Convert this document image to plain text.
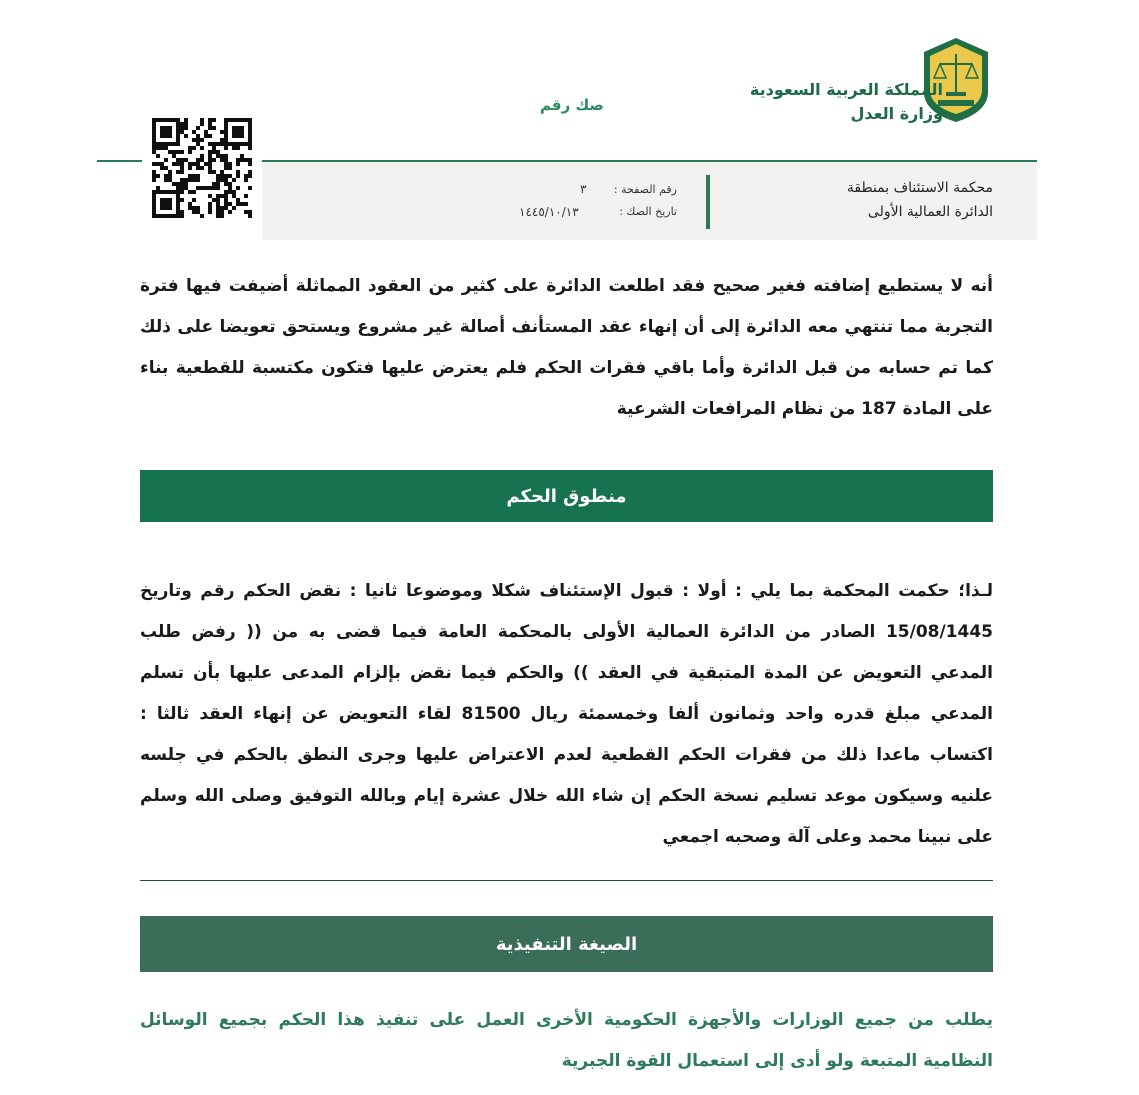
المملكة العربية السعودية
وزارة العدل
صك رقم
محكمة الاستئناف بمنطقة
الدائرة العمالية الأولى
رقم الصفحة :
٣
تاريخ الصك :
١٤٤٥/١٠/١٣
أنه لا يستطيع إضافته فغير صحيح فقد اطلعت الدائرة على كثير من العقود المماثلة أضيفت فيها فترة التجربة مما تنتهي معه الدائرة إلى أن إنهاء عقد المستأنف أصالة غير مشروع ويستحق تعويضا على ذلك كما تم حسابه من قبل الدائرة وأما باقي فقرات الحكم فلم يعترض عليها فتكون مكتسبة للقطعية بناء على المادة 187 من نظام المرافعات الشرعية
منطوق الحكم
لـذا؛ حكمت المحكمة بما يلي : أولا : قبول الإستئناف شكلا وموضوعا ثانيا : نقض الحكم رقم وتاريخ 15/08/1445 الصادر من الدائرة العمالية الأولى بالمحكمة العامة فيما قضى به من (( رفض طلب المدعي التعويض عن المدة المتبقية في العقد )) والحكم فيما نقض بإلزام المدعى عليها بأن تسلم المدعي مبلغ قدره واحد وثمانون ألفا وخمسمئة ريال 81500 لقاء التعويض عن إنهاء العقد ثالثا : اكتساب ماعدا ذلك من فقرات الحكم القطعية لعدم الاعتراض عليها وجرى النطق بالحكم في جلسه علنيه وسيكون موعد تسليم نسخة الحكم إن شاء الله خلال عشرة إيام وبالله التوفيق وصلى الله وسلم على نبينا محمد وعلى آلة وصحبه اجمعي
الصيغة التنفيذية
يطلب من جميع الوزارات والأجهزة الحكومية الأخرى العمل على تنفيذ هذا الحكم بجميع الوسائل النظامية المتبعة ولو أدى إلى استعمال القوة الجبرية
